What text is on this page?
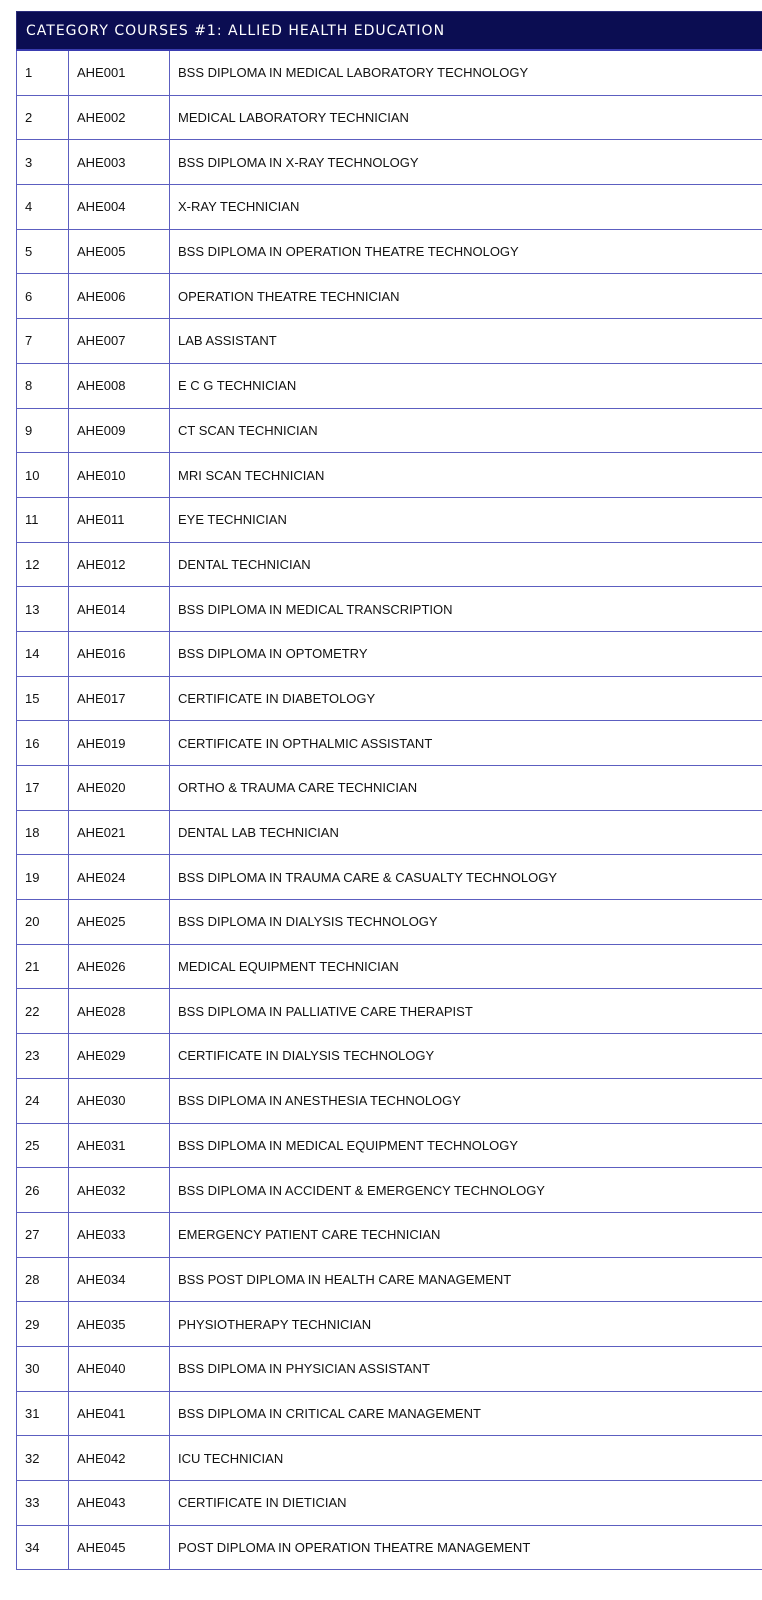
CATEGORY COURSES #1: ALLIED HEALTH EDUCATION
1	AHE001	BSS DIPLOMA IN MEDICAL LABORATORY TECHNOLOGY
2	AHE002	MEDICAL LABORATORY TECHNICIAN
3	AHE003	BSS DIPLOMA IN X-RAY TECHNOLOGY
4	AHE004	X-RAY TECHNICIAN
5	AHE005	BSS DIPLOMA IN OPERATION THEATRE TECHNOLOGY
6	AHE006	OPERATION THEATRE TECHNICIAN
7	AHE007	LAB ASSISTANT
8	AHE008	E C G TECHNICIAN
9	AHE009	CT SCAN TECHNICIAN
10	AHE010	MRI SCAN TECHNICIAN
11	AHE011	EYE TECHNICIAN
12	AHE012	DENTAL TECHNICIAN
13	AHE014	BSS DIPLOMA IN MEDICAL TRANSCRIPTION
14	AHE016	BSS DIPLOMA IN OPTOMETRY
15	AHE017	CERTIFICATE IN DIABETOLOGY
16	AHE019	CERTIFICATE IN OPTHALMIC ASSISTANT
17	AHE020	ORTHO & TRAUMA CARE TECHNICIAN
18	AHE021	DENTAL LAB TECHNICIAN
19	AHE024	BSS DIPLOMA IN TRAUMA CARE & CASUALTY TECHNOLOGY
20	AHE025	BSS DIPLOMA IN DIALYSIS TECHNOLOGY
21	AHE026	MEDICAL EQUIPMENT TECHNICIAN
22	AHE028	BSS DIPLOMA IN PALLIATIVE CARE THERAPIST
23	AHE029	CERTIFICATE IN DIALYSIS TECHNOLOGY
24	AHE030	BSS DIPLOMA IN ANESTHESIA TECHNOLOGY
25	AHE031	BSS DIPLOMA IN MEDICAL EQUIPMENT TECHNOLOGY
26	AHE032	BSS DIPLOMA IN ACCIDENT & EMERGENCY TECHNOLOGY
27	AHE033	EMERGENCY PATIENT CARE TECHNICIAN
28	AHE034	BSS POST DIPLOMA IN HEALTH CARE MANAGEMENT
29	AHE035	PHYSIOTHERAPY TECHNICIAN
30	AHE040	BSS DIPLOMA IN PHYSICIAN ASSISTANT
31	AHE041	BSS DIPLOMA IN CRITICAL CARE MANAGEMENT
32	AHE042	ICU TECHNICIAN
33	AHE043	CERTIFICATE IN DIETICIAN
34	AHE045	POST DIPLOMA IN OPERATION THEATRE MANAGEMENT
